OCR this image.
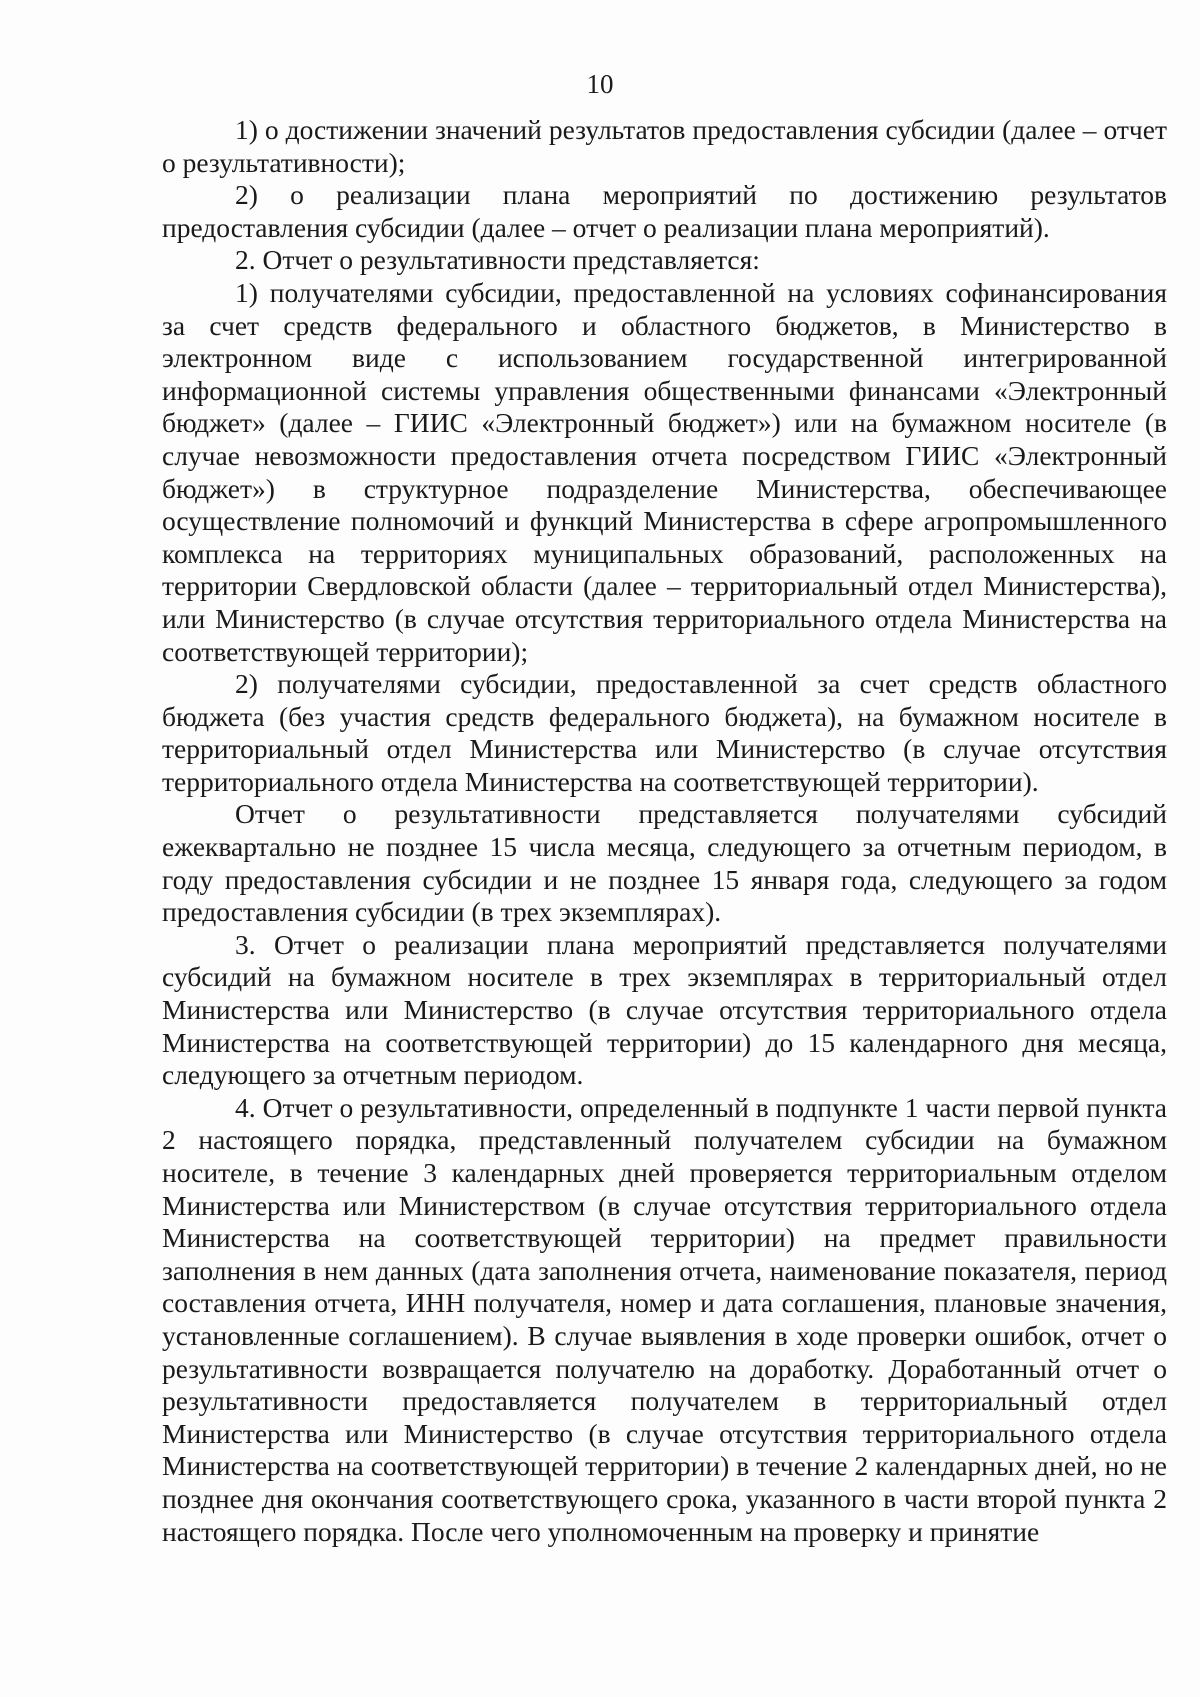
10

1) о достижении значений результатов предоставления субсидии (далее – отчет о результативности);

2) о реализации плана мероприятий по достижению результатов предоставления субсидии (далее – отчет о реализации плана мероприятий).

2. Отчет о результативности представляется:

1) получателями субсидии, предоставленной на условиях софинансирования за счет средств федерального и областного бюджетов, в Министерство в электронном виде с использованием государственной интегрированной информационной системы управления общественными финансами «Электронный бюджет» (далее – ГИИС «Электронный бюджет») или на бумажном носителе (в случае невозможности предоставления отчета посредством ГИИС «Электронный бюджет») в структурное подразделение Министерства, обеспечивающее осуществление полномочий и функций Министерства в сфере агропромышленного комплекса на территориях муниципальных образований, расположенных на территории Свердловской области (далее – территориальный отдел Министерства), или Министерство (в случае отсутствия территориального отдела Министерства на соответствующей территории);

2) получателями субсидии, предоставленной за счет средств областного бюджета (без участия средств федерального бюджета), на бумажном носителе в территориальный отдел Министерства или Министерство (в случае отсутствия территориального отдела Министерства на соответствующей территории).

Отчет о результативности представляется получателями субсидий ежеквартально не позднее 15 числа месяца, следующего за отчетным периодом, в году предоставления субсидии и не позднее 15 января года, следующего за годом предоставления субсидии (в трех экземплярах).

3. Отчет о реализации плана мероприятий представляется получателями субсидий на бумажном носителе в трех экземплярах в территориальный отдел Министерства или Министерство (в случае отсутствия территориального отдела Министерства на соответствующей территории) до 15 календарного дня месяца, следующего за отчетным периодом.

4. Отчет о результативности, определенный в подпункте 1 части первой пункта 2 настоящего порядка, представленный получателем субсидии на бумажном носителе, в течение 3 календарных дней проверяется территориальным отделом Министерства или Министерством (в случае отсутствия территориального отдела Министерства на соответствующей территории) на предмет правильности заполнения в нем данных (дата заполнения отчета, наименование показателя, период составления отчета, ИНН получателя, номер и дата соглашения, плановые значения, установленные соглашением). В случае выявления в ходе проверки ошибок, отчет о результативности возвращается получателю на доработку. Доработанный отчет о результативности предоставляется получателем в территориальный отдел Министерства или Министерство (в случае отсутствия территориального отдела Министерства на соответствующей территории) в течение 2 календарных дней, но не позднее дня окончания соответствующего срока, указанного в части второй пункта 2 настоящего порядка. После чего уполномоченным на проверку и принятие
